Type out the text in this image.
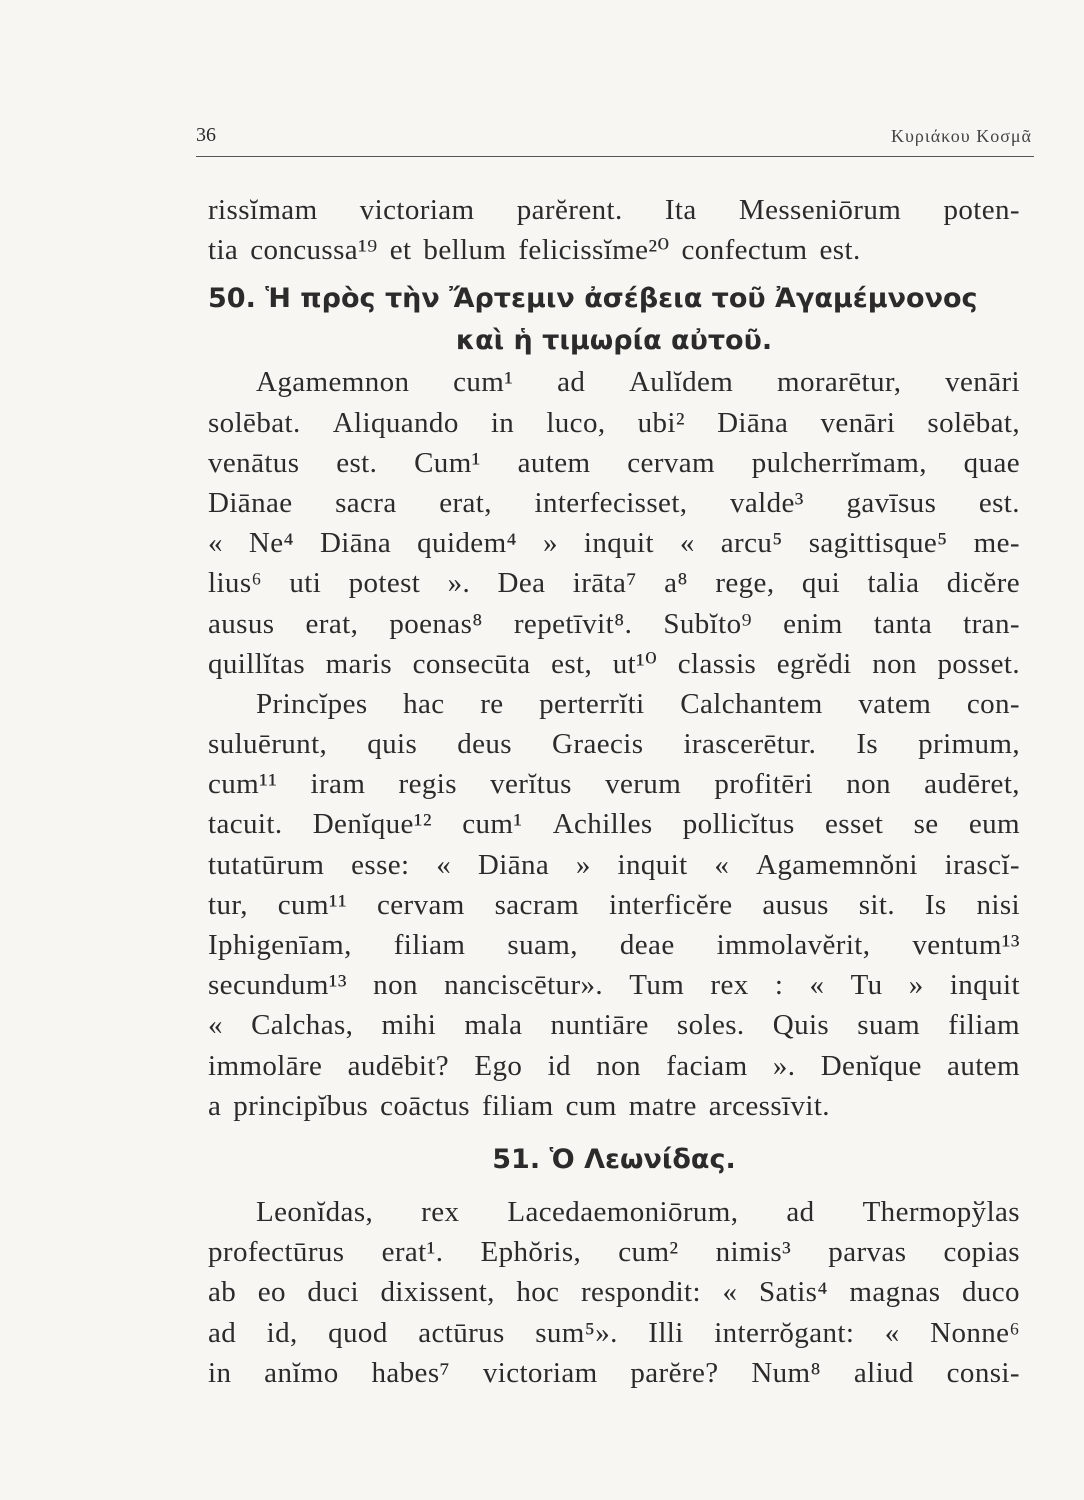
36	Κυριάκου Κοσμᾶ
rissĭmam victoriam parĕrent. Ita Messeniōrum poten-
tia concussa¹⁹ et bellum felicissĭme²⁰ confectum est.
50. Ἡ πρὸς τὴν Ἄρτεμιν ἀσέβεια τοῦ Ἀγαμέμνονος
καὶ ἡ τιμωρία αὐτοῦ.
Agamemnon cum¹ ad Aulĭdem morarētur, venāri
solēbat. Aliquando in luco, ubi² Diāna venāri solēbat,
venātus est. Cum¹ autem cervam pulcherrĭmam, quae
Diānae sacra erat, interfecisset, valde³ gavīsus est.
« Ne⁴ Diāna quidem⁴ » inquit « arcu⁵ sagittisque⁵ me-
lius⁶ uti potest ». Dea irāta⁷ a⁸ rege, qui talia dicĕre
ausus erat, poenas⁸ repetīvit⁸. Subĭto⁹ enim tanta tran-
quillĭtas maris consecūta est, ut¹⁰ classis egrĕdi non posset.
Princĭpes hac re perterrĭti Calchantem vatem con-
suluērunt, quis deus Graecis irascerētur. Is primum,
cum¹¹ iram regis verĭtus verum profitēri non audēret,
tacuit. Denĭque¹² cum¹ Achilles pollicĭtus esset se eum
tutatūrum esse: « Diāna » inquit « Agamemnŏni irascĭ-
tur, cum¹¹ cervam sacram interficĕre ausus sit. Is nisi
Iphigenīam, filiam suam, deae immolavĕrit, ventum¹³
secundum¹³ non nanciscētur». Tum rex : « Tu » inquit
« Calchas, mihi mala nuntiāre soles. Quis suam filiam
immolāre audēbit? Ego id non faciam ». Denĭque autem
a principĭbus coāctus filiam cum matre arcessīvit.
51. Ὁ Λεωνίδας.
Leonĭdas, rex Lacedaemoniōrum, ad Thermopўlas
profectūrus erat¹. Ephŏris, cum² nimis³ parvas copias
ab eo duci dixissent, hoc respondit: « Satis⁴ magnas duco
ad id, quod actūrus sum⁵». Illi interrŏgant: « Nonne⁶
in anĭmo habes⁷ victoriam parĕre? Num⁸ aliud consi-
